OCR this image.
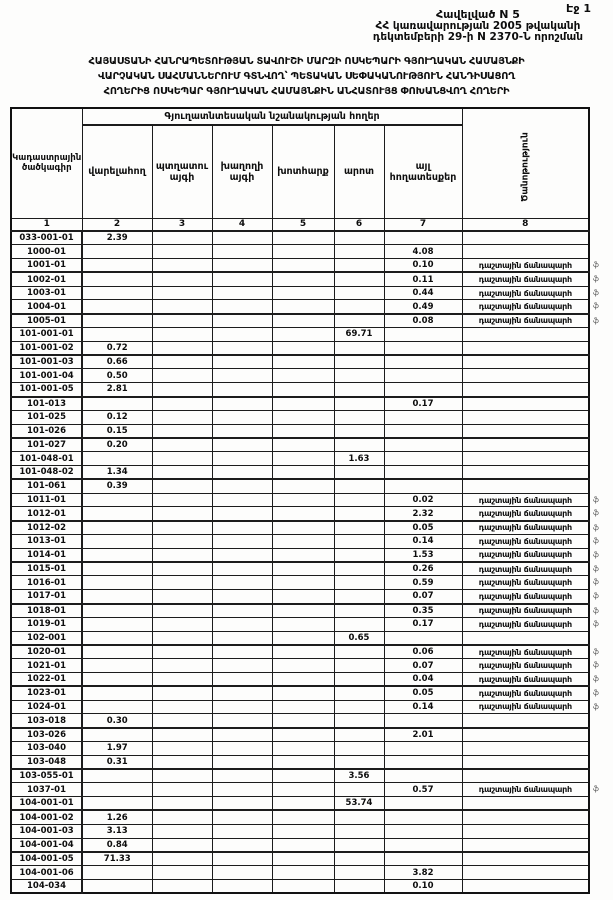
Էջ 1
Հավելված N 5
ՀՀ կառավարության 2005 թվականի
դեկտեմբերի 29-ի N 2370-Ն որոշման
ՀԱՅԱՍՏԱՆԻ ՀԱՆՐԱՊԵՏՈՒԹՅԱՆ ՏԱՎՈՒՇԻ ՄԱՐԶԻ ՈՍԿԵՊԱՐԻ ԳՅՈՒՂԱԿԱՆ ՀԱՄԱՅՆՔԻ
ՎԱՐՉԱԿԱՆ ՍԱՀՄԱՆՆԵՐՈՒՄ ԳՏՆՎՈՂ՝ ՊԵՏԱԿԱՆ ՍԵՓԱԿԱՆՈՒԹՅՈՒՆ ՀԱՆԴԻՍԱՑՈՂ
ՀՈՂԵՐԻՑ ՈՍԿԵՊԱՐ ԳՅՈՒՂԱԿԱՆ ՀԱՄԱՅՆՔԻՆ ԱՆՀԱՏՈՒՅՑ ՓՈԽԱՆՑՎՈՂ ՀՈՂԵՐԻ
Կադաստրային ծածկագիր	Գյուղատնտեսական նշանակության հողեր						Ծանոթություն
	վարելահող	պտղատու այգի	խաղողի այգի	խոտհարք	արոտ	այլ հողատեսքեր	
1	2	3	4	5	6	7	8
033-001-01	2.39						
1000-01						4.08	
1001-01						0.10	դաշտային ճանապարհ ֆ

1002-01						0.11	դաշտային ճանապարհ ֆ

1003-01						0.44	դաշտային ճանապարհ ֆ

1004-01						0.49	դաշտային ճանապարհ ֆ

1005-01						0.08	դաշտային ճանապարհ ֆ

101-001-01					69.71		
101-001-02	0.72						
101-001-03	0.66						
101-001-04	0.50						
101-001-05	2.81						
101-013						0.17	
101-025	0.12						
101-026	0.15						
101-027	0.20						
101-048-01					1.63		
101-048-02	1.34						
101-061	0.39						
1011-01						0.02	դաշտային ճանապարհ ֆ

1012-01						2.32	դաշտային ճանապարհ ֆ

1012-02						0.05	դաշտային ճանապարհ ֆ

1013-01						0.14	դաշտային ճանապարհ ֆ

1014-01						1.53	դաշտային ճանապարհ ֆ

1015-01						0.26	դաշտային ճանապարհ ֆ

1016-01						0.59	դաշտային ճանապարհ ֆ

1017-01						0.07	դաշտային ճանապարհ ֆ

1018-01						0.35	դաշտային ճանապարհ ֆ

1019-01						0.17	դաշտային ճանապարհ ֆ

102-001					0.65		
1020-01						0.06	դաշտային ճանապարհ ֆ

1021-01						0.07	դաշտային ճանապարհ ֆ

1022-01						0.04	դաշտային ճանապարհ ֆ

1023-01						0.05	դաշտային ճանապարհ ֆ

1024-01						0.14	դաշտային ճանապարհ ֆ

103-018	0.30						
103-026						2.01	
103-040	1.97						
103-048	0.31						
103-055-01					3.56		
1037-01						0.57	դաշտային ճանապարհ ֆ

104-001-01					53.74		
104-001-02	1.26						
104-001-03	3.13						
104-001-04	0.84						
104-001-05	71.33						
104-001-06						3.82	
104-034						0.10	
